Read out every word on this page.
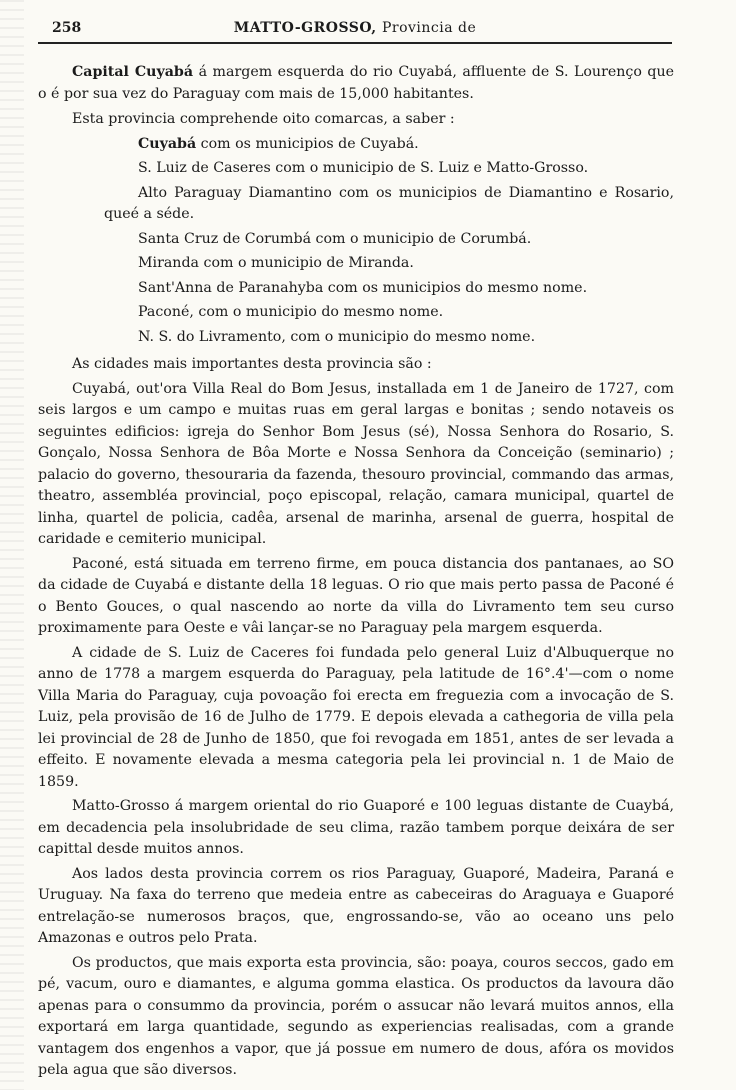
258	MATTO-GROSSO, Provincia de

Capital Cuyabá á margem esquerda do rio Cuyabá, affluente de S. Lourenço que o é por sua vez do Paraguay com mais de 15,000 habitantes.

Esta provincia comprehende oito comarcas, a saber :

Cuyabá com os municipios de Cuyabá.

S. Luiz de Caseres com o municipio de S. Luiz e Matto-Grosso.

Alto Paraguay Diamantino com os municipios de Diamantino e Rosario, queé a séde.

Santa Cruz de Corumbá com o municipio de Corumbá.

Miranda com o municipio de Miranda.

Sant'Anna de Paranahyba com os municipios do mesmo nome.

Paconé, com o municipio do mesmo nome.

N. S. do Livramento, com o municipio do mesmo nome.

As cidades mais importantes desta provincia são :

Cuyabá, out'ora Villa Real do Bom Jesus, installada em 1 de Janeiro de 1727, com seis largos e um campo e muitas ruas em geral largas e bonitas ; sendo notaveis os seguintes edificios: igreja do Senhor Bom Jesus (sé), Nossa Senhora do Rosario, S. Gonçalo, Nossa Senhora de Bôa Morte e Nossa Senhora da Conceição (seminario) ; palacio do governo, thesouraria da fazenda, thesouro provincial, commando das armas, theatro, assembléa provincial, poço episcopal, relação, camara municipal, quartel de linha, quartel de policia, cadêa, arsenal de marinha, arsenal de guerra, hospital de caridade e cemiterio municipal.

Paconé, está situada em terreno firme, em pouca distancia dos pantanaes, ao SO da cidade de Cuyabá e distante della 18 leguas. O rio que mais perto passa de Paconé é o Bento Gouces, o qual nascendo ao norte da villa do Livramento tem seu curso proximamente para Oeste e vâi lançar-se no Paraguay pela margem esquerda.

A cidade de S. Luiz de Caceres foi fundada pelo general Luiz d'Albuquerque no anno de 1778 a margem esquerda do Paraguay, pela latitude de 16°.4'—com o nome Villa Maria do Paraguay, cuja povoação foi erecta em freguezia com a invocação de S. Luiz, pela provisão de 16 de Julho de 1779. E depois elevada a cathegoria de villa pela lei provincial de 28 de Junho de 1850, que foi revogada em 1851, antes de ser levada a effeito. E novamente elevada a mesma categoria pela lei provincial n. 1 de Maio de 1859.

Matto-Grosso á margem oriental do rio Guaporé e 100 leguas distante de Cuaybá, em decadencia pela insolubridade de seu clima, razão tambem porque deixára de ser capittal desde muitos annos.

Aos lados desta provincia correm os rios Paraguay, Guaporé, Madeira, Paraná e Uruguay. Na faxa do terreno que medeia entre as cabeceiras do Araguaya e Guaporé entrelação-se numerosos braços, que, engrossando-se, vão ao oceano uns pelo Amazonas e outros pelo Prata.

Os productos, que mais exporta esta provincia, são: poaya, couros seccos, gado em pé, vacum, ouro e diamantes, e alguma gomma elastica. Os productos da lavoura dão apenas para o consummo da provincia, porém o assucar não levará muitos annos, ella exportará em larga quantidade, segundo as experiencias realisadas, com a grande vantagem dos engenhos a vapor, que já possue em numero de dous, afóra os movidos pela agua que são diversos.
